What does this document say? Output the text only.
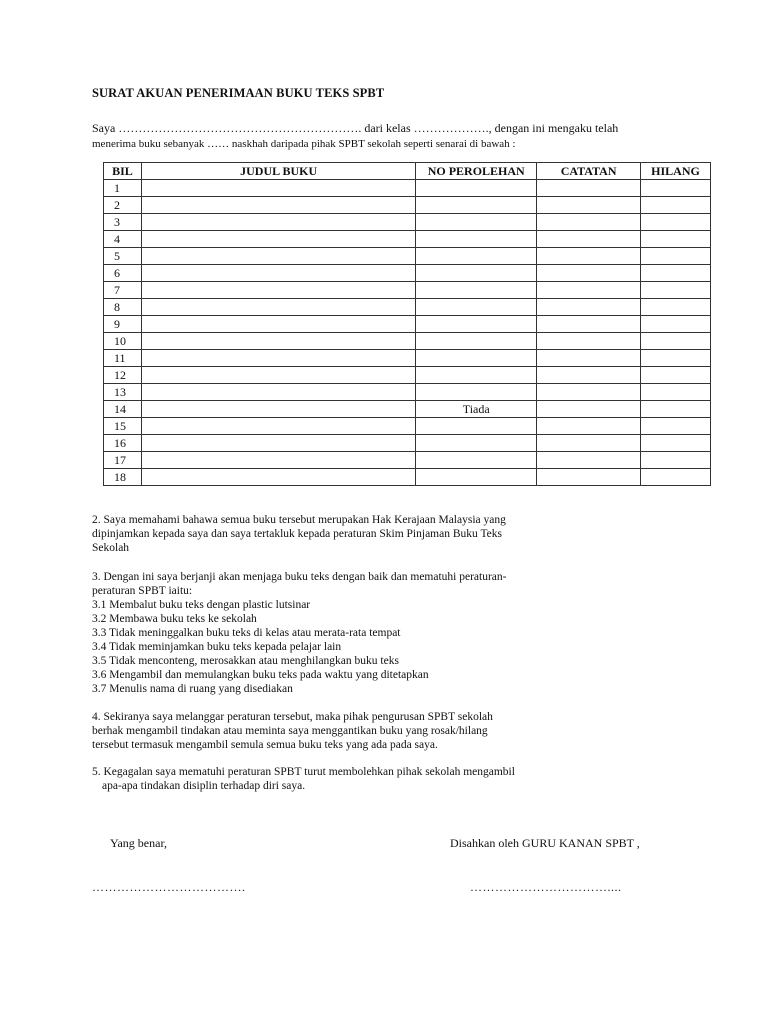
SURAT AKUAN PENERIMAAN BUKU TEKS SPBT
Saya ……………………………………………………. dari kelas ………………., dengan ini mengaku telah
menerima buku sebanyak …… naskhah daripada pihak SPBT sekolah seperti senarai di bawah :
BIL	JUDUL BUKU	NO PEROLEHAN	CATATAN	HILANG
1				
2				
3				
4				
5				
6				
7				
8				
9				
10				
11				
12				
13				
14		Tiada		
15				
16				
17				
18				
2. Saya memahami bahawa semua buku tersebut merupakan Hak Kerajaan Malaysia yang
dipinjamkan kepada saya dan saya tertakluk kepada peraturan Skim Pinjaman Buku Teks
Sekolah
3. Dengan ini saya berjanji akan menjaga buku teks dengan baik dan mematuhi peraturan-
peraturan SPBT iaitu:
3.1 Membalut buku teks dengan plastic lutsinar
3.2 Membawa buku teks ke sekolah
3.3 Tidak meninggalkan buku teks di kelas atau merata-rata tempat
3.4 Tidak meminjamkan buku teks kepada pelajar lain
3.5 Tidak menconteng, merosakkan atau menghilangkan buku teks
3.6 Mengambil dan memulangkan buku teks pada waktu yang ditetapkan
3.7 Menulis nama di ruang yang disediakan
4. Sekiranya saya melanggar peraturan tersebut, maka pihak pengurusan SPBT sekolah
berhak mengambil tindakan atau meminta saya menggantikan buku yang rosak/hilang
tersebut termasuk mengambil semula semua buku teks yang ada pada saya.
5. Kegagalan saya mematuhi peraturan SPBT turut membolehkan pihak sekolah mengambil
apa-apa tindakan disiplin terhadap diri saya.
Yang benar,	Disahkan oleh GURU KANAN SPBT ,
……………………………….	……………………………....
